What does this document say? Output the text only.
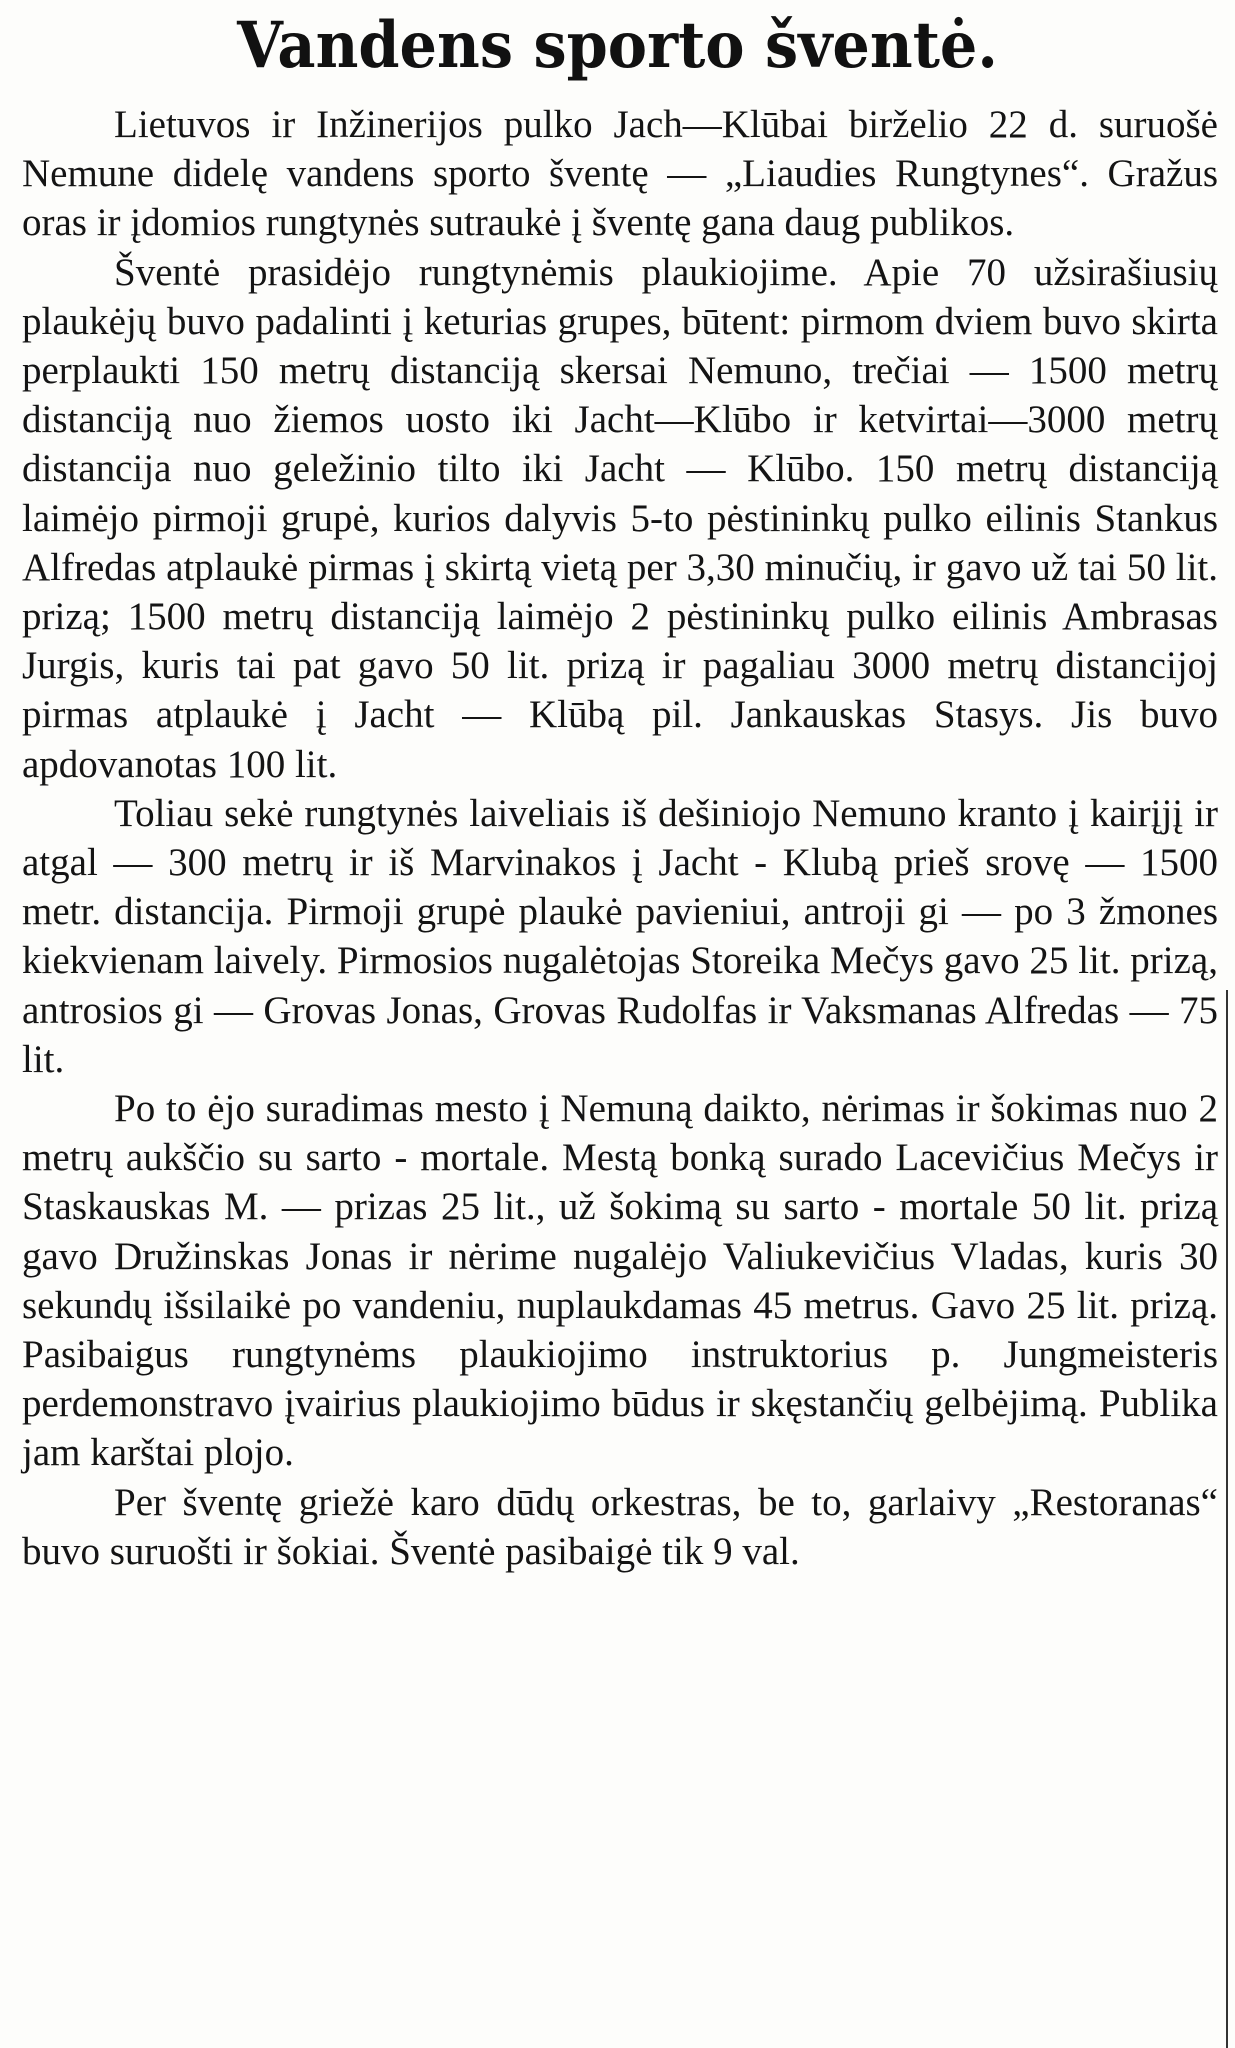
Vandens sporto šventė.

Lietuvos ir Inžinerijos pulko Jach—Klūbai birželio 22 d. suruošė Nemune didelę vandens sporto šventę — „Liaudies Rungtynes“. Gražus oras ir įdomios rungtynės sutraukė į šventę gana daug publikos.

Šventė prasidėjo rungtynėmis plaukiojime. Apie 70 užsirašiusių plaukėjų buvo padalinti į keturias grupes, būtent: pirmom dviem buvo skirta perplaukti 150 metrų distanciją skersai Nemuno, trečiai — 1500 metrų distanciją nuo žiemos uosto iki Jacht—Klūbo ir ketvirtai—3000 metrų distancija nuo geležinio tilto iki Jacht — Klūbo. 150 metrų distanciją laimėjo pirmoji grupė, kurios dalyvis 5-to pėstininkų pulko eilinis Stankus Alfredas atplaukė pirmas į skirtą vietą per 3,30 minučių, ir gavo už tai 50 lit. prizą; 1500 metrų distanciją laimėjo 2 pėstininkų pulko eilinis Ambrasas Jurgis, kuris tai pat gavo 50 lit. prizą ir pagaliau 3000 metrų distancijoj pirmas atplaukė į Jacht — Klūbą pil. Jankauskas Stasys. Jis buvo apdovanotas 100 lit.

Toliau sekė rungtynės laiveliais iš dešiniojo Nemuno kranto į kairįjį ir atgal — 300 metrų ir iš Marvinakos į Jacht - Klubą prieš srovę — 1500 metr. distancija. Pirmoji grupė plaukė pavieniui, antroji gi — po 3 žmones kiekvienam laively. Pirmosios nugalėtojas Storeika Mečys gavo 25 lit. prizą, antrosios gi — Grovas Jonas, Grovas Rudolfas ir Vaksmanas Alfredas — 75 lit.

Po to ėjo suradimas mesto į Nemuną daikto, nėrimas ir šokimas nuo 2 metrų aukščio su sarto - mortale. Mestą bonką surado Lacevičius Mečys ir Staskauskas M. — prizas 25 lit., už šokimą su sarto - mortale 50 lit. prizą gavo Družinskas Jonas ir nėrime nugalėjo Valiukevičius Vladas, kuris 30 sekundų išsilaikė po vandeniu, nuplaukdamas 45 metrus. Gavo 25 lit. prizą. Pasibaigus rungtynėms plaukiojimo instruktorius p. Jungmeisteris perdemonstravo įvairius plaukiojimo būdus ir skęstančių gelbėjimą. Publika jam karštai plojo.

Per šventę griežė karo dūdų orkestras, be to, garlaivy „Restoranas“ buvo suruošti ir šokiai. Šventė pasibaigė tik 9 val.
